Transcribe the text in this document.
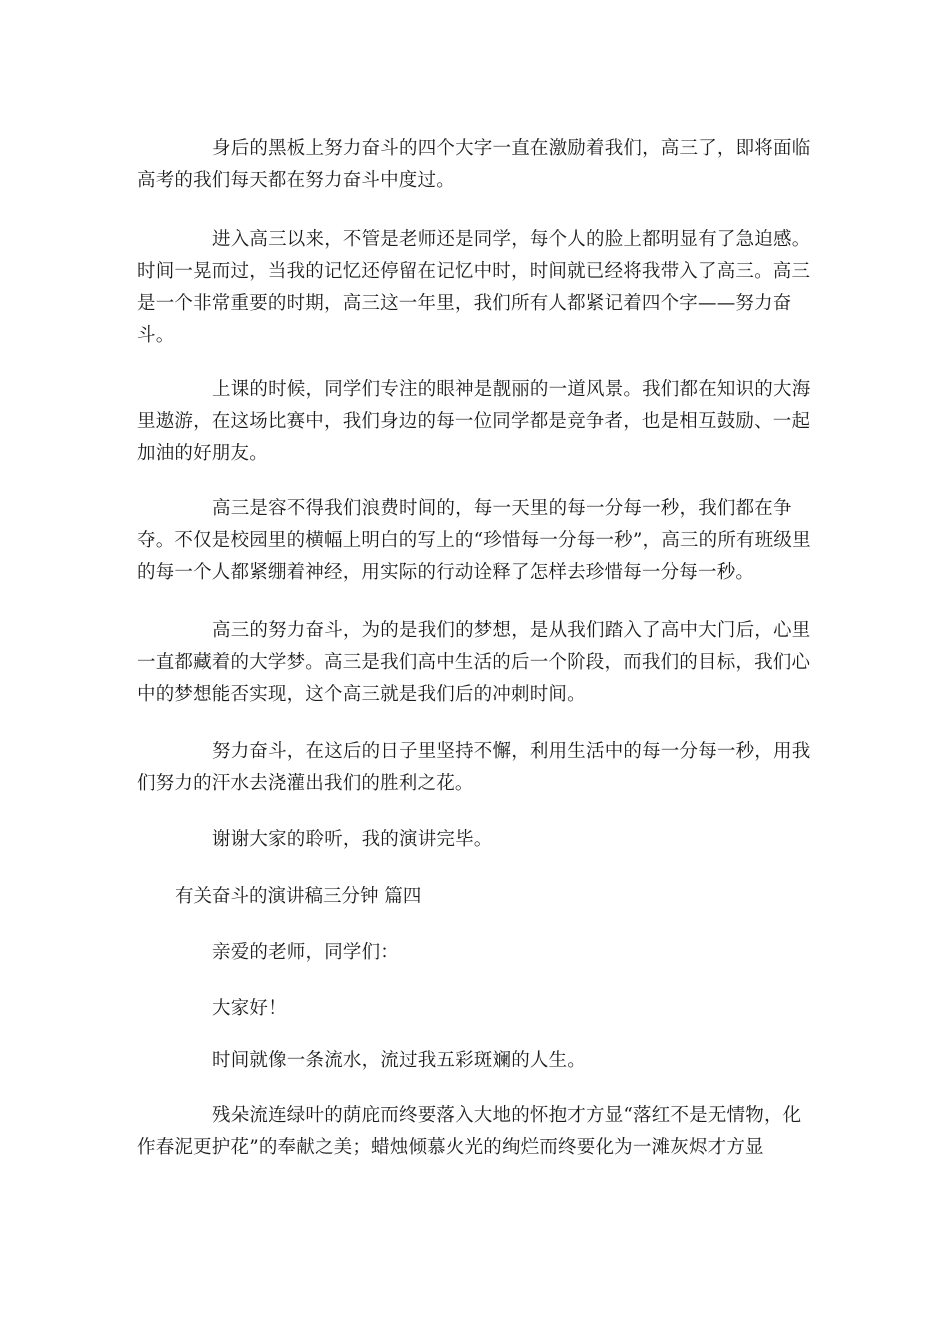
身后的黑板上努力奋斗的四个大字一直在激励着我们，高三了，即将面临高考的我们每天都在努力奋斗中度过。

进入高三以来，不管是老师还是同学，每个人的脸上都明显有了急迫感。时间一晃而过，当我的记忆还停留在记忆中时，时间就已经将我带入了高三。高三是一个非常重要的时期，高三这一年里，我们所有人都紧记着四个字——努力奋斗。

上课的时候，同学们专注的眼神是靓丽的一道风景。我们都在知识的大海里遨游，在这场比赛中，我们身边的每一位同学都是竞争者，也是相互鼓励、一起加油的好朋友。

高三是容不得我们浪费时间的，每一天里的每一分每一秒，我们都在争夺。不仅是校园里的横幅上明白的写上的“珍惜每一分每一秒”，高三的所有班级里的每一个人都紧绷着神经，用实际的行动诠释了怎样去珍惜每一分每一秒。

高三的努力奋斗，为的是我们的梦想，是从我们踏入了高中大门后，心里一直都藏着的大学梦。高三是我们高中生活的后一个阶段，而我们的目标，我们心中的梦想能否实现，这个高三就是我们后的冲刺时间。

努力奋斗，在这后的日子里坚持不懈，利用生活中的每一分每一秒，用我们努力的汗水去浇灌出我们的胜利之花。

谢谢大家的聆听，我的演讲完毕。

有关奋斗的演讲稿三分钟 篇四

亲爱的老师，同学们：

大家好！

时间就像一条流水，流过我五彩斑斓的人生。

残朵流连绿叶的荫庇而终要落入大地的怀抱才方显“落红不是无情物，化作春泥更护花”的奉献之美；蜡烛倾慕火光的绚烂而终要化为一滩灰烬才方显
